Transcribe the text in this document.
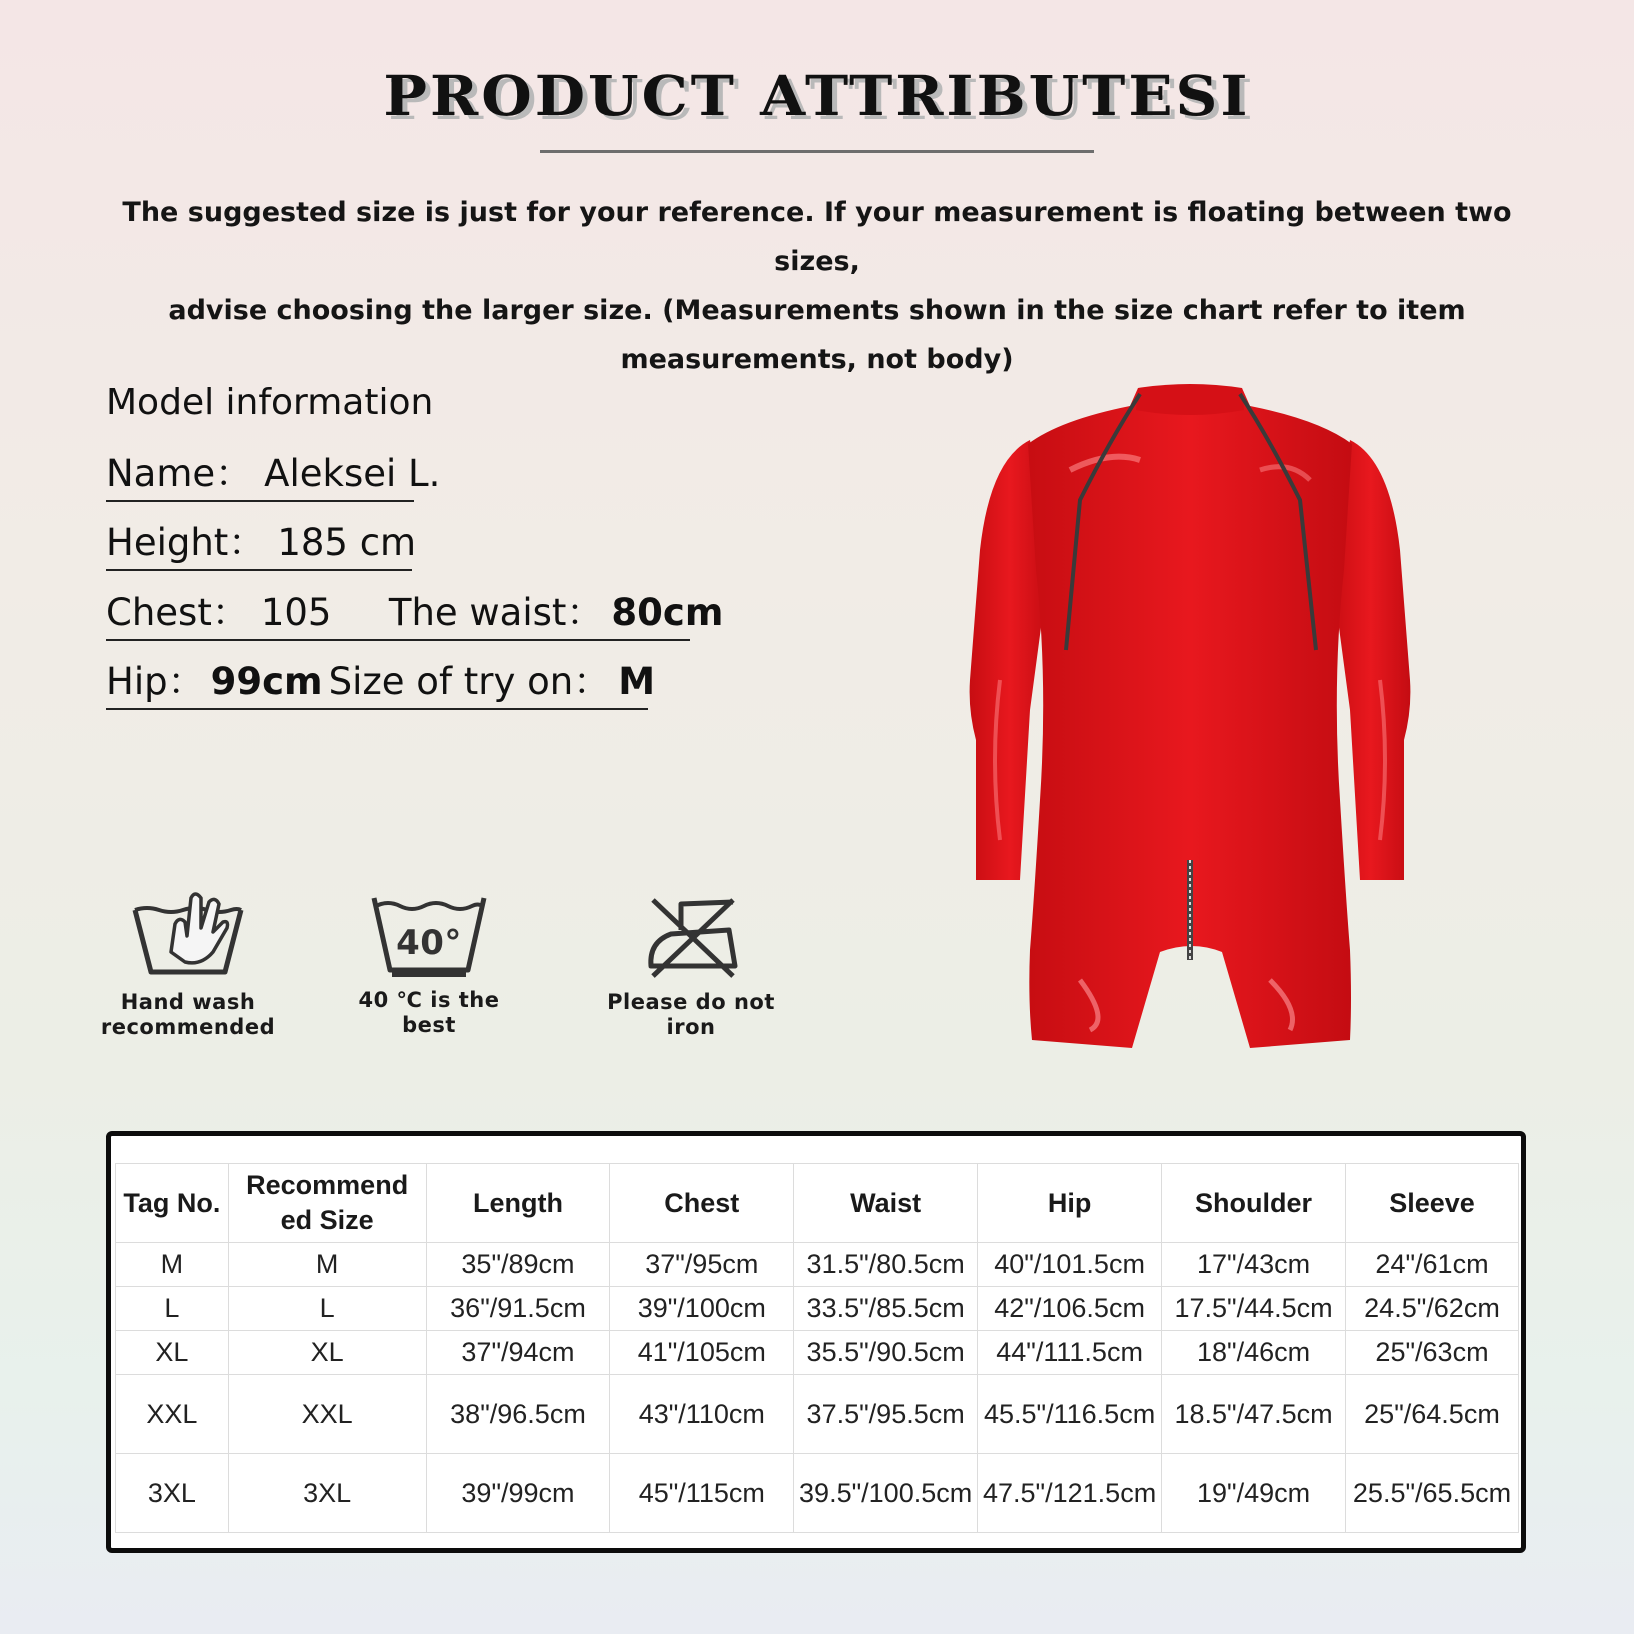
PRODUCT ATTRIBUTESI
The suggested size is just for your reference. If your measurement is floating between two sizes,
advise choosing the larger size. (Measurements shown in the size chart refer to item
measurements, not body)
Model information
Name： Aleksei L.
Height： 185 cm
Chest： 105 The waist： 80cm
Hip： 99cm Size of try on： M
Hand wash
recommended
40°
40 ℃ is the best
Please do not iron
Tag No.	Recommend ed Size	Length	Chest	Waist	Hip	Shoulder	Sleeve
M	M	35"/89cm	37"/95cm	31.5"/80.5cm	40"/101.5cm	17"/43cm	24"/61cm
L	L	36"/91.5cm	39"/100cm	33.5"/85.5cm	42"/106.5cm	17.5"/44.5cm	24.5"/62cm
XL	XL	37"/94cm	41"/105cm	35.5"/90.5cm	44"/111.5cm	18"/46cm	25"/63cm
XXL	XXL	38"/96.5cm	43"/110cm	37.5"/95.5cm	45.5"/116.5cm	18.5"/47.5cm	25"/64.5cm
3XL	3XL	39"/99cm	45"/115cm	39.5"/100.5cm	47.5"/121.5cm	19"/49cm	25.5"/65.5cm
